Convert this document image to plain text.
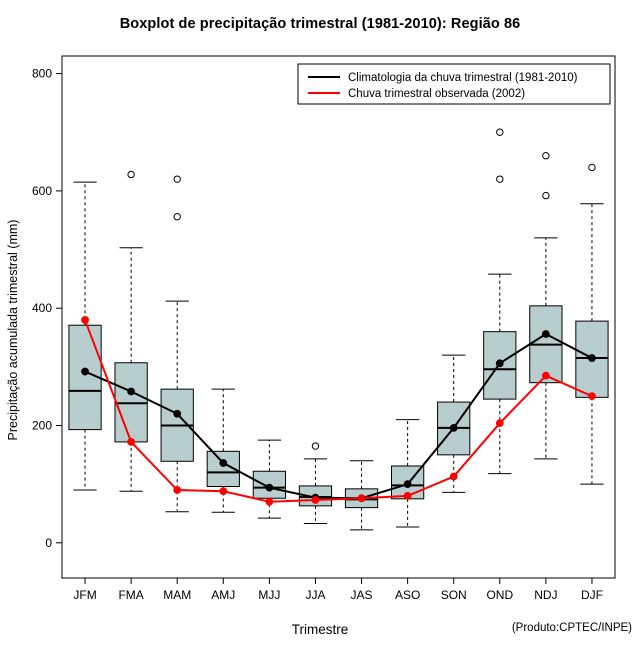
Boxplot de precipitação trimestral (1981-2010): Região 86
Precipitação acumulada trimestral (mm)
Trimestre	(Produto:CPTEC/INPE)
0
200
400
600
800
JFM FMA MAM AMJ MJJ JJA JAS ASO SON OND NDJ DJF
Climatologia da chuva trimestral (1981-2010)
Chuva trimestral observada (2002)
